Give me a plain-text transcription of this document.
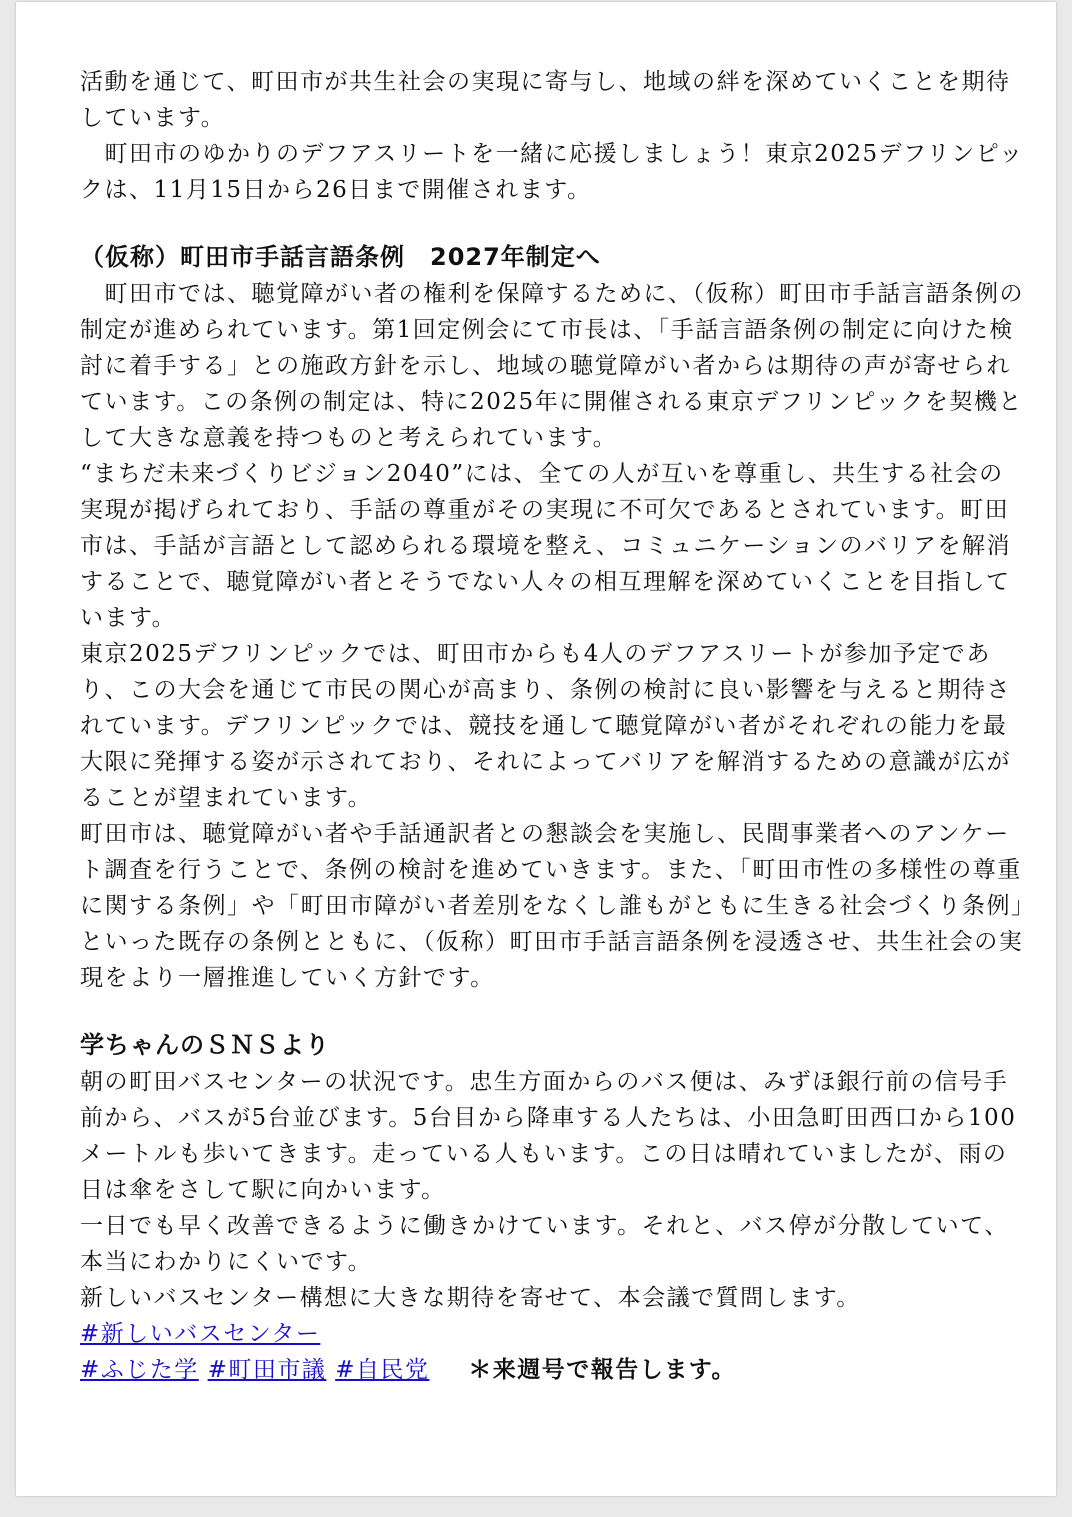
活動を通じて、町田市が共生社会の実現に寄与し、地域の絆を深めていくことを期待しています。

　町田市のゆかりのデフアスリートを一緒に応援しましょう！東京2025デフリンピックは、11月15日から26日まで開催されます。

（仮称）町田市手話言語条例　2027年制定へ

　町田市では、聴覚障がい者の権利を保障するために、（仮称）町田市手話言語条例の制定が進められています。第1回定例会にて市長は、「手話言語条例の制定に向けた検討に着手する」との施政方針を示し、地域の聴覚障がい者からは期待の声が寄せられています。この条例の制定は、特に2025年に開催される東京デフリンピックを契機として大きな意義を持つものと考えられています。

“まちだ未来づくりビジョン2040”には、全ての人が互いを尊重し、共生する社会の実現が掲げられており、手話の尊重がその実現に不可欠であるとされています。町田市は、手話が言語として認められる環境を整え、コミュニケーションのバリアを解消することで、聴覚障がい者とそうでない人々の相互理解を深めていくことを目指しています。

東京2025デフリンピックでは、町田市からも4人のデフアスリートが参加予定であり、この大会を通じて市民の関心が高まり、条例の検討に良い影響を与えると期待されています。デフリンピックでは、競技を通して聴覚障がい者がそれぞれの能力を最大限に発揮する姿が示されており、それによってバリアを解消するための意識が広がることが望まれています。

町田市は、聴覚障がい者や手話通訳者との懇談会を実施し、民間事業者へのアンケート調査を行うことで、条例の検討を進めていきます。また、「町田市性の多様性の尊重に関する条例」や「町田市障がい者差別をなくし誰もがともに生きる社会づくり条例」といった既存の条例とともに、（仮称）町田市手話言語条例を浸透させ、共生社会の実現をより一層推進していく方針です。

学ちゃんのＳＮＳより

朝の町田バスセンターの状況です。忠生方面からのバス便は、みずほ銀行前の信号手前から、バスが5台並びます。5台目から降車する人たちは、小田急町田西口から100メートルも歩いてきます。走っている人もいます。この日は晴れていましたが、雨の日は傘をさして駅に向かいます。

一日でも早く改善できるように働きかけています。それと、バス停が分散していて、本当にわかりにくいです。

新しいバスセンター構想に大きな期待を寄せて、本会議で質問します。

#新しいバスセンター

#ふじた学 #町田市議 #自民党 ＊来週号で報告します。
